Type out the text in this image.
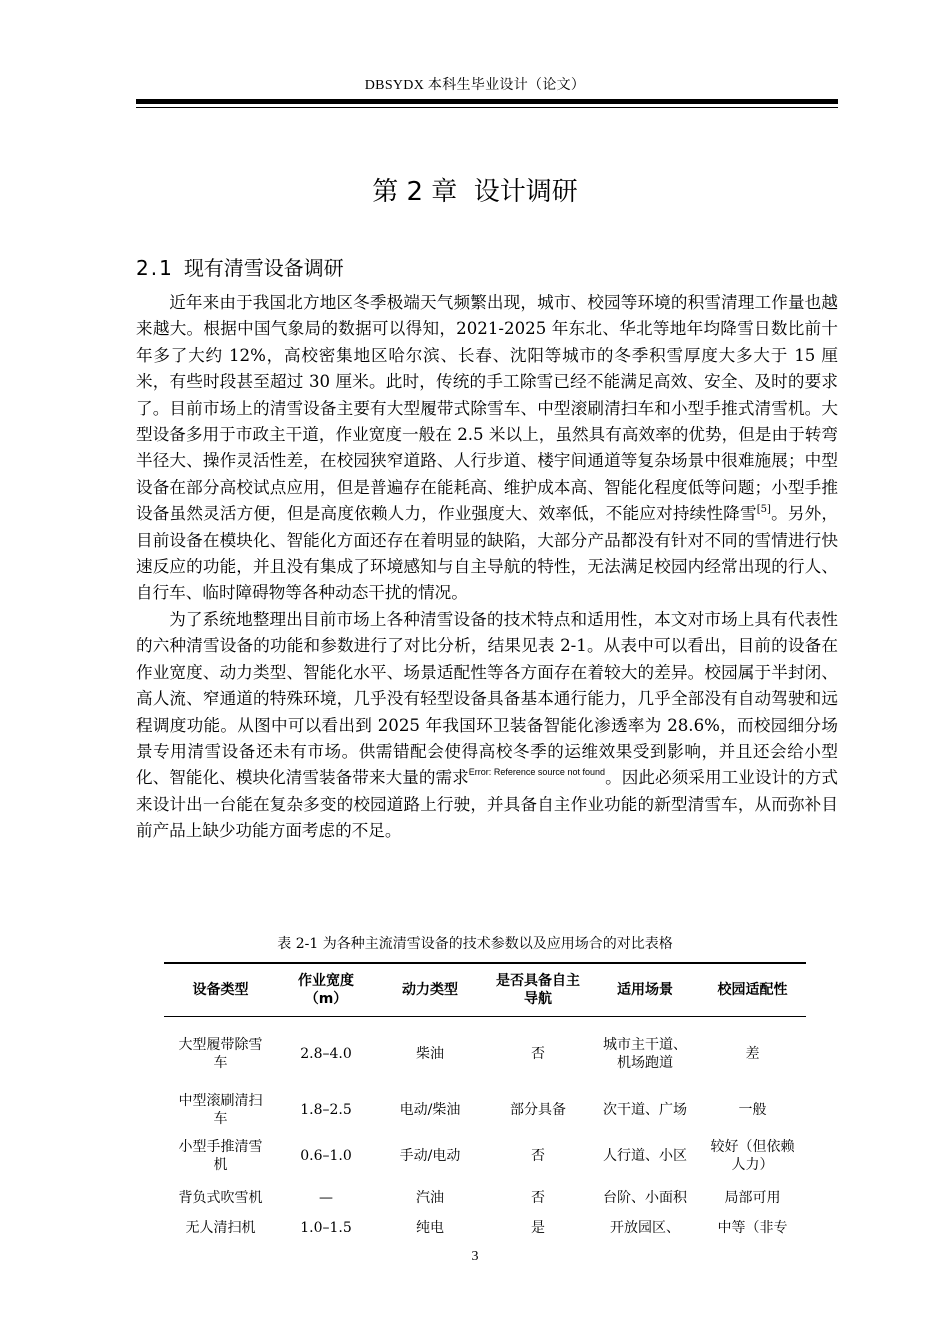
DBSYDX 本科生毕业设计（论文）
第 2 章  设计调研
2.1 现有清雪设备调研

近年来由于我国北方地区冬季极端天气频繁出现，城市、校园等环境的积雪清理工作量也越来越大。根据中国气象局的数据可以得知，2021-2025 年东北、华北等地年均降雪日数比前十年多了大约 12%，高校密集地区哈尔滨、长春、沈阳等城市的冬季积雪厚度大多大于 15 厘米，有些时段甚至超过 30 厘米。此时，传统的手工除雪已经不能满足高效、安全、及时的要求了。目前市场上的清雪设备主要有大型履带式除雪车、中型滚刷清扫车和小型手推式清雪机。大型设备多用于市政主干道，作业宽度一般在 2.5 米以上，虽然具有高效率的优势，但是由于转弯半径大、操作灵活性差，在校园狭窄道路、人行步道、楼宇间通道等复杂场景中很难施展；中型设备在部分高校试点应用，但是普遍存在能耗高、维护成本高、智能化程度低等问题；小型手推设备虽然灵活方便，但是高度依赖人力，作业强度大、效率低，不能应对持续性降雪[5]。另外，目前设备在模块化、智能化方面还存在着明显的缺陷，大部分产品都没有针对不同的雪情进行快速反应的功能，并且没有集成了环境感知与自主导航的特性，无法满足校园内经常出现的行人、自行车、临时障碍物等各种动态干扰的情况。

为了系统地整理出目前市场上各种清雪设备的技术特点和适用性，本文对市场上具有代表性的六种清雪设备的功能和参数进行了对比分析，结果见表 2-1。从表中可以看出，目前的设备在作业宽度、动力类型、智能化水平、场景适配性等各方面存在着较大的差异。校园属于半封闭、高人流、窄通道的特殊环境，几乎没有轻型设备具备基本通行能力，几乎全部没有自动驾驶和远程调度功能。从图中可以看出到 2025 年我国环卫装备智能化渗透率为 28.6%，而校园细分场景专用清雪设备还未有市场。供需错配会使得高校冬季的运维效果受到影响，并且还会给小型化、智能化、模块化清雪装备带来大量的需求$^{Error: Reference source not found}$。因此必须采用工业设计的方式来设计出一台能在复杂多变的校园道路上行驶，并具备自主作业功能的新型清雪车，从而弥补目前产品上缺少功能方面考虑的不足。

表 2-1 为各种主流清雪设备的技术参数以及应用场合的对比表格
设备类型	作业宽度（m）	动力类型	是否具备自主导航	适用场景	校园适配性

大型履带除雪车	2.8–4.0	柴油	否	城市主干道、机场跑道	差
中型滚刷清扫车	1.8–2.5	电动/柴油	部分具备	次干道、广场	一般
小型手推清雪机	0.6–1.0	手动/电动	否	人行道、小区	较好（但依赖人力）
背负式吹雪机	—	汽油	否	台阶、小面积	局部可用
无人清扫机	1.0–1.5	纯电	是	开放园区、	中等（非专
3
